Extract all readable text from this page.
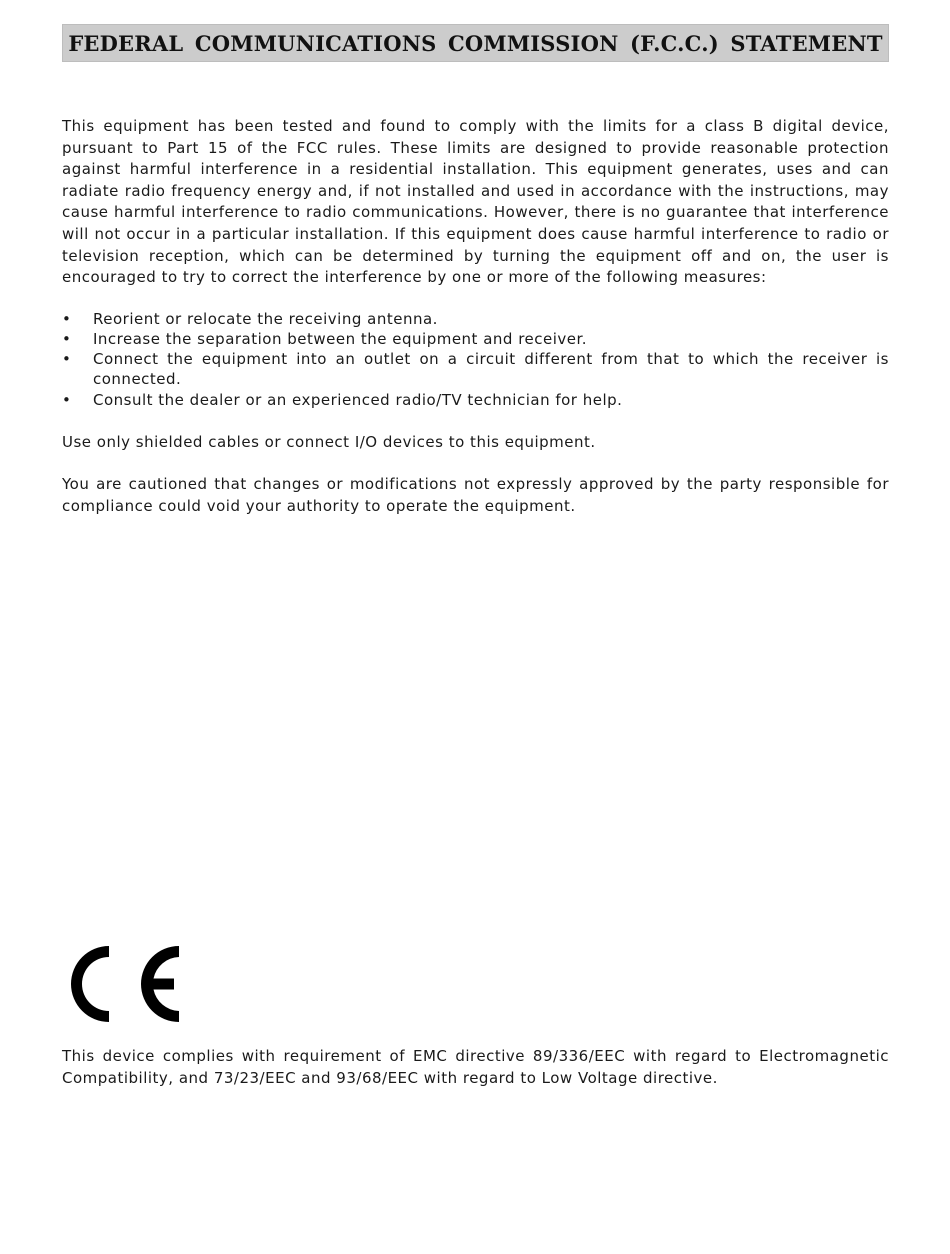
FEDERAL COMMUNICATIONS COMMISSION (F.C.C.) STATEMENT

This equipment has been tested and found to comply with the limits for a class B digital device, pursuant to Part 15 of the FCC rules. These limits are designed to provide reasonable protection against harmful interference in a residential installation. This equipment generates, uses and can radiate radio frequency energy and, if not installed and used in accordance with the instructions, may cause harmful interference to radio communications. However, there is no guarantee that interference will not occur in a particular installation. If this equipment does cause harmful interference to radio or television reception, which can be determined by turning the equipment off and on, the user is encouraged to try to correct the interference by one or more of the following measures:

• Reorient or relocate the receiving antenna.
• Increase the separation between the equipment and receiver.
• Connect the equipment into an outlet on a circuit different from that to which the receiver is connected.
• Consult the dealer or an experienced radio/TV technician for help.

Use only shielded cables or connect I/O devices to this equipment.

You are cautioned that changes or modifications not expressly approved by the party responsible for compliance could void your authority to operate the equipment.

This device complies with requirement of EMC directive 89/336/EEC with regard to Electromagnetic Compatibility, and 73/23/EEC and 93/68/EEC with regard to Low Voltage directive.
